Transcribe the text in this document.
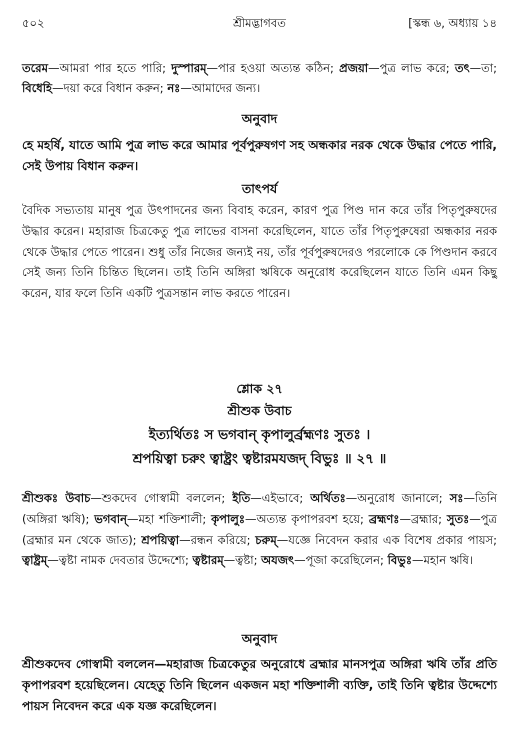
৫০২	শ্রীমদ্ভাগবত	[স্কন্ধ ৬, অধ্যায় ১৪
তরেম—আমরা পার হতে পারি; দুস্পারম্—পার হওয়া অত্যন্ত কঠিন; প্রজয়া—পুত্র লাভ করে; তৎ—তা; বিধেহি—দয়া করে বিধান করুন; নঃ—আমাদের জন্য।
অনুবাদ
হে মহর্ষি, যাতে আমি পুত্র লাভ করে আমার পূর্বপুরুষগণ সহ অন্ধকার নরক থেকে উদ্ধার পেতে পারি, সেই উপায় বিধান করুন।
তাৎপর্য
বৈদিক সভ্যতায় মানুষ পুত্র উৎপাদনের জন্য বিবাহ করেন, কারণ পুত্র পিণ্ড দান করে তাঁর পিতৃপুরুষদের উদ্ধার করেন। মহারাজ চিত্রকেতু পুত্র লাভের বাসনা করেছিলেন, যাতে তাঁর পিতৃপুরুষেরা অন্ধকার নরক থেকে উদ্ধার পেতে পারেন। শুধু তাঁর নিজের জন্যই নয়, তাঁর পূর্বপুরুষদেরও পরলোকে কে পিণ্ডদান করবে সেই জন্য তিনি চিন্তিত ছিলেন। তাই তিনি অঙ্গিরা ঋষিকে অনুরোধ করেছিলেন যাতে তিনি এমন কিছু করেন, যার ফলে তিনি একটি পুত্রসন্তান লাভ করতে পারেন।
শ্লোক ২৭
শ্রীশুক উবাচ
ইত্যর্থিতঃ স ভগবান্ কৃপালুর্ব্রহ্মণঃ সুতঃ ।
শ্রপয়িত্বা চরুং ত্বাষ্ট্রং ত্বষ্টারমযজদ্ বিভুঃ ॥ ২৭ ॥
শ্রীশুকঃ উবাচ—শুকদেব গোস্বামী বললেন; ইতি—এইভাবে; অর্থিতঃ—অনুরোধ জানালে; সঃ—তিনি (অঙ্গিরা ঋষি); ভগবান্—মহা শক্তিশালী; কৃপালুঃ—অত্যন্ত কৃপাপরবশ হয়ে; ব্রহ্মণঃ—ব্রহ্মার; সুতঃ—পুত্র (ব্রহ্মার মন থেকে জাত); শ্রপয়িত্বা—রন্ধন করিয়ে; চরুম্—যজ্ঞে নিবেদন করার এক বিশেষ প্রকার পায়স; ত্বাষ্ট্রম্—ত্বষ্টা নামক দেবতার উদ্দেশ্যে; ত্বষ্টারম্—ত্বষ্টা; অযজৎ—পূজা করেছিলেন; বিভুঃ—মহান ঋষি।
অনুবাদ
শ্রীশুকদেব গোস্বামী বললেন—মহারাজ চিত্রকেতুর অনুরোধে ব্রহ্মার মানসপুত্র অঙ্গিরা ঋষি তাঁর প্রতি কৃপাপরবশ হয়েছিলেন। যেহেতু তিনি ছিলেন একজন মহা শক্তিশালী ব্যক্তি, তাই তিনি ত্বষ্টার উদ্দেশ্যে পায়স নিবেদন করে এক যজ্ঞ করেছিলেন।
